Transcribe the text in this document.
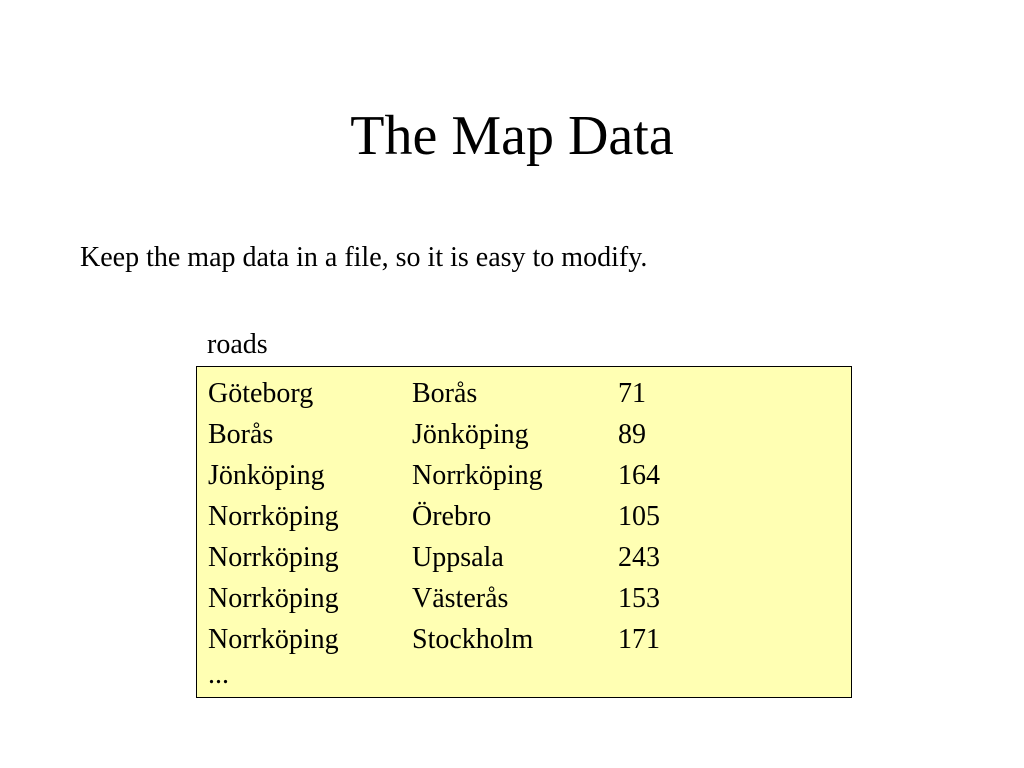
The Map Data
Keep the map data in a file, so it is easy to modify.
roads
Göteborg	Borås	71
Borås	Jönköping	89
Jönköping	Norrköping	164
Norrköping	Örebro	105
Norrköping	Uppsala	243
Norrköping	Västerås	153
Norrköping	Stockholm	171
...
